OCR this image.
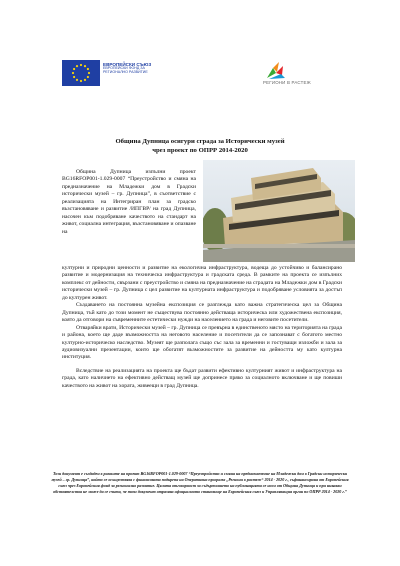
ЕВРОПЕЙСКИ СЪЮЗ
ЕВРОПЕЙСКИ ФОНД ЗА
РЕГИОНАЛНО РАЗВИТИЕ
РЕГИОНИ В РАСТЕЖ
Община Дупница осигури сграда за Исторически музей
чрез проект по ОПРР 2014-2020

Община Дупница изпълни проект BG16RFOP001-1.029-0007 “Преустройство и смяна на предназначение на Младежки дом в Градски исторически музей – гр. Дупница”, в съответствие с реализацията на Интегриран план за градско възстановяване и развитие /ИПГВР/ на град Дупница, насочен към подобряване качеството на стандарт на живот, социална интеграция, възстановяване и опазване на

културни и природни ценности и развитие на екологична инфраструктура, водеща до устойчиво и балансирано развитие и модернизация на техническа инфраструктура и градската среда. В рамките на проекта се изпълних комплекс от дейности, свързани с преустройство и смяна на предназначение на сградата на Младежки дом в Градски исторически музей – гр. Дупница с цел развитие на културната инфраструктура и подобряване условията за достъп до културен живот.

Създаването на постоянна музейна експозиция се разглежда като важна стратегическа цел за Община Дупница, тъй като до този момент не съществува постоянно действаща историческа или художествена експозиция, която да отговори на съвременните естетически нужди на населението на града и неговите посетители.

Отваряйки врати, Исторически музей – гр. Дупница се превърна в единственото място на територията на града и района, което ще даде възможността на неговото население и посетители да се запознават с богатото местно културно-историческо наследство. Музеят ще разполага също със зала за временни и гостуващи изложби и зала за аудиовизуални презентации, които ще обогатят възможностите за развитие на дейността му като културна институция.

Вследствие на реализацията на проекта ще бъдат развити ефективно културният живот и инфраструктура на града, като наличието на ефективно действащ музей ще допринесе пряко за социалното включване и ще повиши качеството на живот на хората, живеещи в град Дупница.

Този документ е създаден в рамките на проект BG16RFOP001-1.029-0007 “Преустройство и смяна на предназначение на Младежки дом в Градски исторически музей – гр. Дупница”, който се осъществява с финансовата подкрепа на Оперативна програма „Региони в растеж“ 2014 - 2020 г., съфинансирана от Европейския съюз чрез Европейския фонд за регионално развитие. Цялата отговорност за съдържанието на публикацията се носи от Община Дупница и при никакви обстоятелства не може да се счита, че този документ отразява официалното становище на Европейския съюз и Управляващия орган по ОПРР 2014 - 2020 г.”
